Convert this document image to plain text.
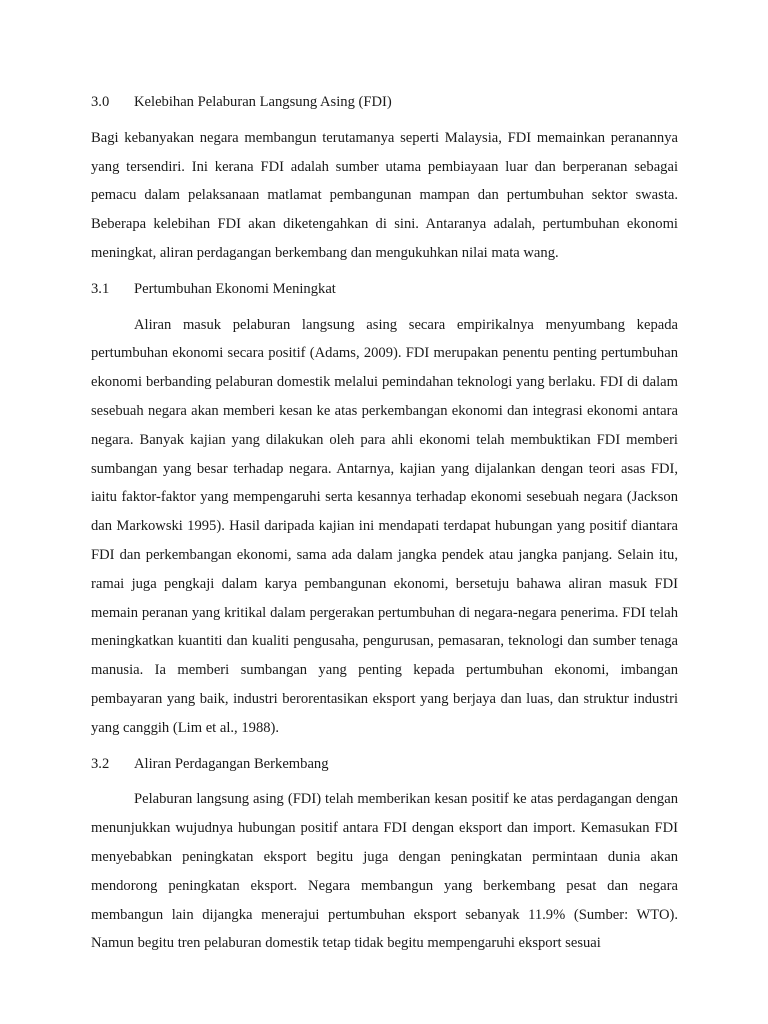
3.0	Kelebihan Pelaburan Langsung Asing (FDI)

Bagi kebanyakan negara membangun terutamanya seperti Malaysia, FDI memainkan peranannya yang tersendiri. Ini kerana FDI adalah sumber utama pembiayaan luar dan berperanan sebagai pemacu dalam pelaksanaan matlamat pembangunan mampan dan pertumbuhan sektor swasta. Beberapa kelebihan FDI akan diketengahkan di sini. Antaranya adalah, pertumbuhan ekonomi meningkat, aliran perdagangan berkembang dan mengukuhkan nilai mata wang.

3.1	Pertumbuhan Ekonomi Meningkat

Aliran masuk pelaburan langsung asing secara empirikalnya menyumbang kepada pertumbuhan ekonomi secara positif (Adams, 2009). FDI merupakan penentu penting pertumbuhan ekonomi berbanding pelaburan domestik melalui pemindahan teknologi yang berlaku. FDI di dalam sesebuah negara akan memberi kesan ke atas perkembangan ekonomi dan integrasi ekonomi antara negara. Banyak kajian yang dilakukan oleh para ahli ekonomi telah membuktikan FDI memberi sumbangan yang besar terhadap negara. Antarnya, kajian yang dijalankan dengan teori asas FDI, iaitu faktor-faktor yang mempengaruhi serta kesannya terhadap ekonomi sesebuah negara (Jackson dan Markowski 1995). Hasil daripada kajian ini mendapati terdapat hubungan yang positif diantara FDI dan perkembangan ekonomi, sama ada dalam jangka pendek atau jangka panjang. Selain itu, ramai juga pengkaji dalam karya pembangunan ekonomi, bersetuju bahawa aliran masuk FDI memain peranan yang kritikal dalam pergerakan pertumbuhan di negara-negara penerima. FDI telah meningkatkan kuantiti dan kualiti pengusaha, pengurusan, pemasaran, teknologi dan sumber tenaga manusia. Ia memberi sumbangan yang penting kepada pertumbuhan ekonomi, imbangan pembayaran yang baik, industri berorentasikan eksport yang berjaya dan luas, dan struktur industri yang canggih (Lim et al., 1988).

3.2	Aliran Perdagangan Berkembang

Pelaburan langsung asing (FDI) telah memberikan kesan positif ke atas perdagangan dengan menunjukkan wujudnya hubungan positif antara FDI dengan eksport dan import. Kemasukan FDI menyebabkan peningkatan eksport begitu juga dengan peningkatan permintaan dunia akan mendorong peningkatan eksport. Negara membangun yang berkembang pesat dan negara membangun lain dijangka menerajui pertumbuhan eksport sebanyak 11.9% (Sumber: WTO). Namun begitu tren pelaburan domestik tetap tidak begitu mempengaruhi eksport sesuai
